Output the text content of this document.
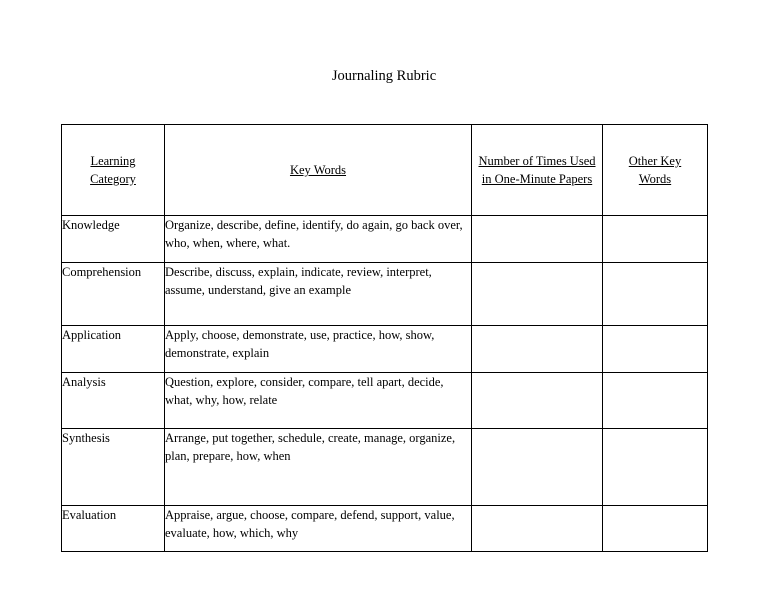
Journaling Rubric
Learning Category	Key Words	Number of Times Used in One-Minute Papers	Other Key Words

Knowledge	Organize, describe, define, identify, do again, go back over, who, when, where, what.		
Comprehension	Describe, discuss, explain, indicate, review, interpret, assume, understand, give an example		
Application	Apply, choose, demonstrate, use, practice, how, show, demonstrate, explain		
Analysis	Question, explore, consider, compare, tell apart, decide, what, why, how, relate		
Synthesis	Arrange, put together, schedule, create, manage, organize, plan, prepare, how, when		
Evaluation	Appraise, argue, choose, compare, defend, support, value, evaluate, how, which, why		
